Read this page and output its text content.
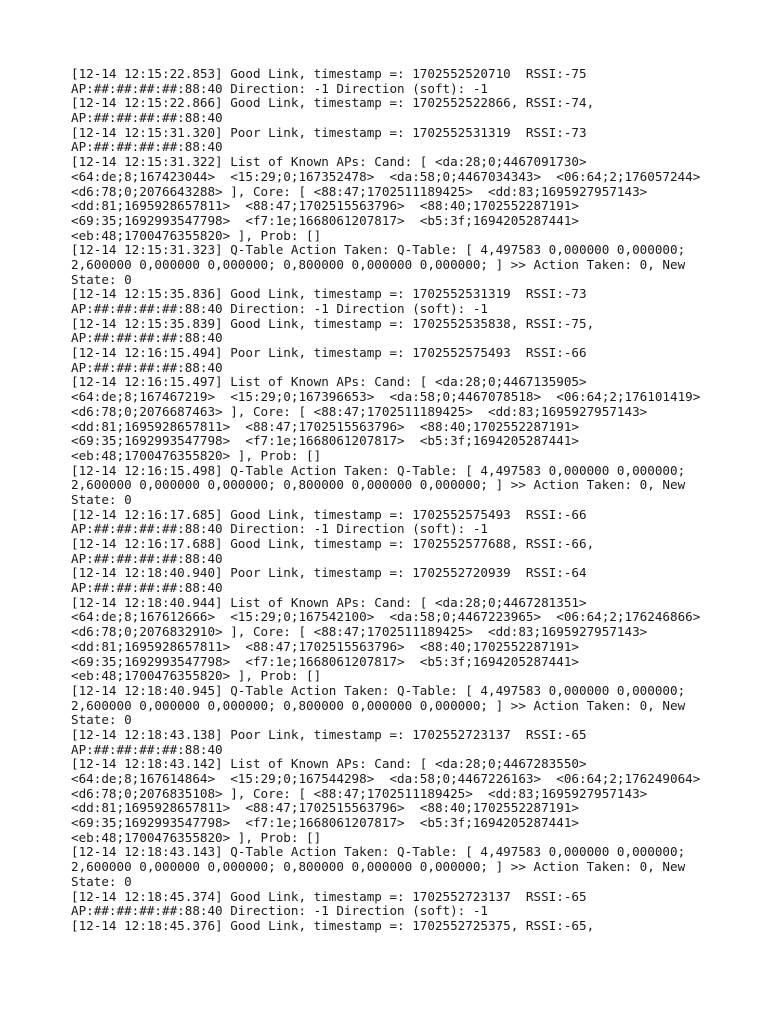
[12-14 12:15:22.853] Good Link, timestamp =: 1702552520710  RSSI:-75
AP:##:##:##:##:88:40 Direction: -1 Direction (soft): -1
[12-14 12:15:22.866] Good Link, timestamp =: 1702552522866, RSSI:-74,
AP:##:##:##:##:88:40
[12-14 12:15:31.320] Poor Link, timestamp =: 1702552531319  RSSI:-73
AP:##:##:##:##:88:40
[12-14 12:15:31.322] List of Known APs: Cand: [ <da:28;0;4467091730>
<64:de;8;167423044>  <15:29;0;167352478>  <da:58;0;4467034343>  <06:64;2;176057244>
<d6:78;0;2076643288> ], Core: [ <88:47;1702511189425>  <dd:83;1695927957143>
<dd:81;1695928657811>  <88:47;1702515563796>  <88:40;1702552287191>
<69:35;1692993547798>  <f7:1e;1668061207817>  <b5:3f;1694205287441>
<eb:48;1700476355820> ], Prob: []
[12-14 12:15:31.323] Q-Table Action Taken: Q-Table: [ 4,497583 0,000000 0,000000;
2,600000 0,000000 0,000000; 0,800000 0,000000 0,000000; ] >> Action Taken: 0, New
State: 0
[12-14 12:15:35.836] Good Link, timestamp =: 1702552531319  RSSI:-73
AP:##:##:##:##:88:40 Direction: -1 Direction (soft): -1
[12-14 12:15:35.839] Good Link, timestamp =: 1702552535838, RSSI:-75,
AP:##:##:##:##:88:40
[12-14 12:16:15.494] Poor Link, timestamp =: 1702552575493  RSSI:-66
AP:##:##:##:##:88:40
[12-14 12:16:15.497] List of Known APs: Cand: [ <da:28;0;4467135905>
<64:de;8;167467219>  <15:29;0;167396653>  <da:58;0;4467078518>  <06:64;2;176101419>
<d6:78;0;2076687463> ], Core: [ <88:47;1702511189425>  <dd:83;1695927957143>
<dd:81;1695928657811>  <88:47;1702515563796>  <88:40;1702552287191>
<69:35;1692993547798>  <f7:1e;1668061207817>  <b5:3f;1694205287441>
<eb:48;1700476355820> ], Prob: []
[12-14 12:16:15.498] Q-Table Action Taken: Q-Table: [ 4,497583 0,000000 0,000000;
2,600000 0,000000 0,000000; 0,800000 0,000000 0,000000; ] >> Action Taken: 0, New
State: 0
[12-14 12:16:17.685] Good Link, timestamp =: 1702552575493  RSSI:-66
AP:##:##:##:##:88:40 Direction: -1 Direction (soft): -1
[12-14 12:16:17.688] Good Link, timestamp =: 1702552577688, RSSI:-66,
AP:##:##:##:##:88:40
[12-14 12:18:40.940] Poor Link, timestamp =: 1702552720939  RSSI:-64
AP:##:##:##:##:88:40
[12-14 12:18:40.944] List of Known APs: Cand: [ <da:28;0;4467281351>
<64:de;8;167612666>  <15:29;0;167542100>  <da:58;0;4467223965>  <06:64;2;176246866>
<d6:78;0;2076832910> ], Core: [ <88:47;1702511189425>  <dd:83;1695927957143>
<dd:81;1695928657811>  <88:47;1702515563796>  <88:40;1702552287191>
<69:35;1692993547798>  <f7:1e;1668061207817>  <b5:3f;1694205287441>
<eb:48;1700476355820> ], Prob: []
[12-14 12:18:40.945] Q-Table Action Taken: Q-Table: [ 4,497583 0,000000 0,000000;
2,600000 0,000000 0,000000; 0,800000 0,000000 0,000000; ] >> Action Taken: 0, New
State: 0
[12-14 12:18:43.138] Poor Link, timestamp =: 1702552723137  RSSI:-65
AP:##:##:##:##:88:40
[12-14 12:18:43.142] List of Known APs: Cand: [ <da:28;0;4467283550>
<64:de;8;167614864>  <15:29;0;167544298>  <da:58;0;4467226163>  <06:64;2;176249064>
<d6:78;0;2076835108> ], Core: [ <88:47;1702511189425>  <dd:83;1695927957143>
<dd:81;1695928657811>  <88:47;1702515563796>  <88:40;1702552287191>
<69:35;1692993547798>  <f7:1e;1668061207817>  <b5:3f;1694205287441>
<eb:48;1700476355820> ], Prob: []
[12-14 12:18:43.143] Q-Table Action Taken: Q-Table: [ 4,497583 0,000000 0,000000;
2,600000 0,000000 0,000000; 0,800000 0,000000 0,000000; ] >> Action Taken: 0, New
State: 0
[12-14 12:18:45.374] Good Link, timestamp =: 1702552723137  RSSI:-65
AP:##:##:##:##:88:40 Direction: -1 Direction (soft): -1
[12-14 12:18:45.376] Good Link, timestamp =: 1702552725375, RSSI:-65,
